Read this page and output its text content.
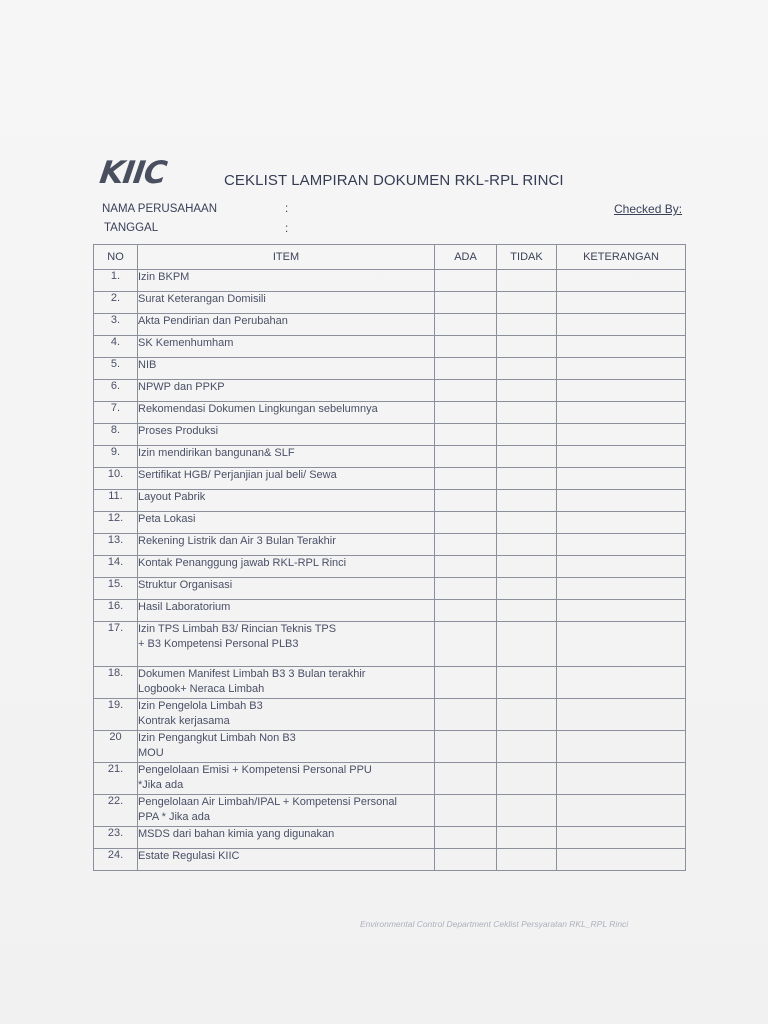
KIIC	CEKLIST LAMPIRAN DOKUMEN RKL-RPL RINCI
NAMA PERUSAHAAN	:
TANGGAL	:
Checked By:
NO	ITEM	ADA	TIDAK	KETERANGAN
1.	Izin BKPM			

2.	Surat Keterangan Domisili			

3.	Akta Pendirian dan Perubahan			

4.	SK Kemenhumham			

5.	NIB			

6.	NPWP dan PPKP			

7.	Rekomendasi Dokumen Lingkungan sebelumnya			

8.	Proses Produksi			

9.	Izin mendirikan bangunan& SLF			

10.	Sertifikat HGB/ Perjanjian jual beli/ Sewa			

11.	Layout Pabrik			

12.	Peta Lokasi			

13.	Rekening Listrik dan Air 3 Bulan Terakhir			

14.	Kontak Penanggung jawab RKL-RPL Rinci			

15.	Struktur Organisasi			

16.	Hasil Laboratorium			

17.	Izin TPS Limbah B3/ Rincian Teknis TPS
+ B3 Kompetensi Personal PLB3			

18.	Dokumen Manifest Limbah B3 3 Bulan terakhir
Logbook+ Neraca Limbah			

19.	Izin Pengelola Limbah B3
Kontrak kerjasama			

20	Izin Pengangkut Limbah Non B3
MOU			

21.	Pengelolaan Emisi + Kompetensi Personal PPU
*Jika ada			

22.	Pengelolaan Air Limbah/IPAL + Kompetensi Personal
PPA * Jika ada			

23.	MSDS dari bahan kimia yang digunakan			

24.	Estate Regulasi KIIC			

Environmental Control Department Ceklist Persyaratan RKL_RPL Rinci
